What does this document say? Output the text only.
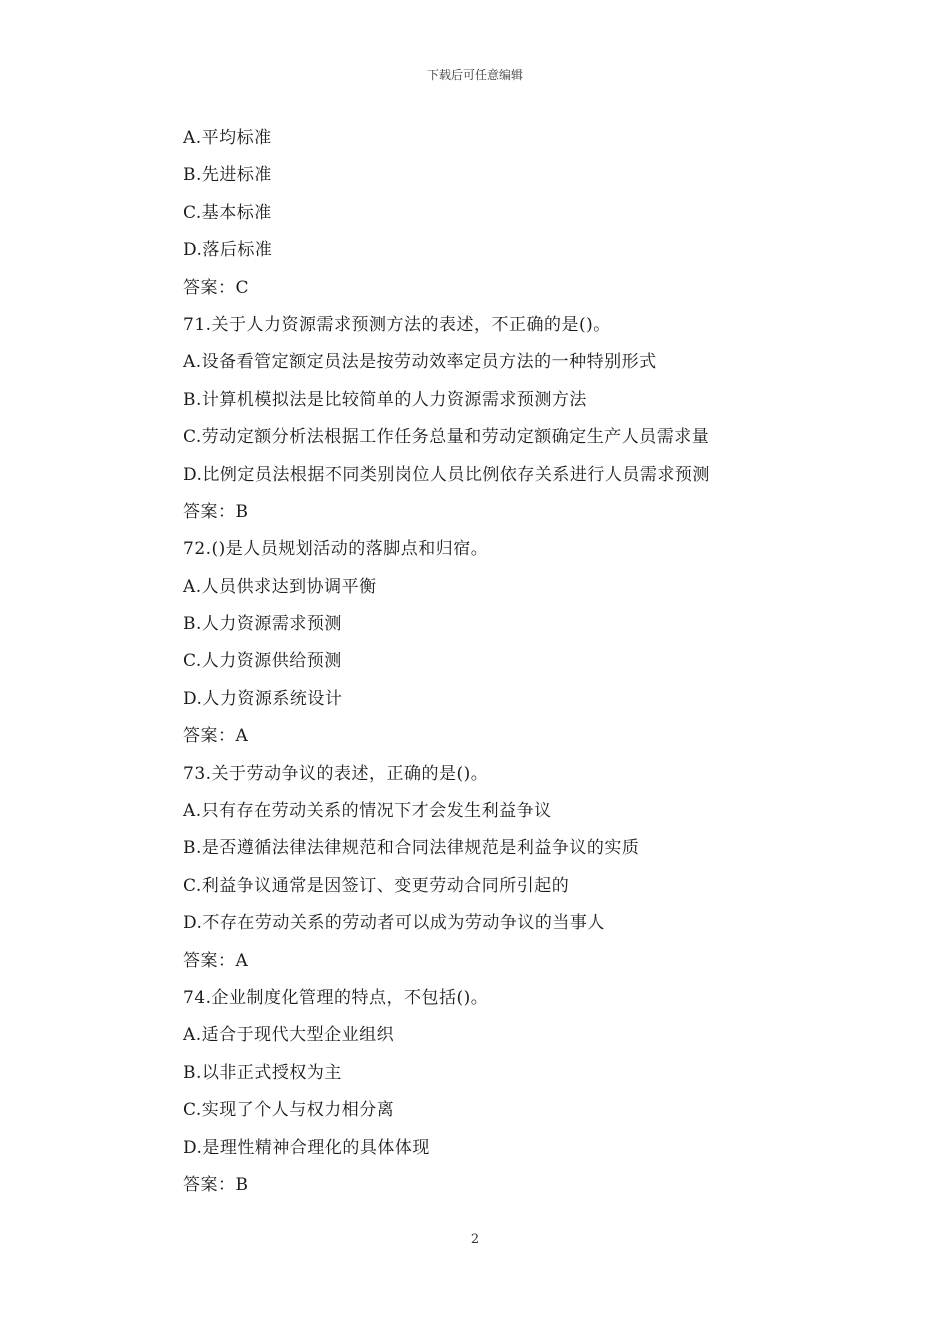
下载后可任意编辑
A.平均标准
B.先进标准
C.基本标准
D.落后标准
答案：C
71.关于人力资源需求预测方法的表述，不正确的是()。
A.设备看管定额定员法是按劳动效率定员方法的一种特别形式
B.计算机模拟法是比较简单的人力资源需求预测方法
C.劳动定额分析法根据工作任务总量和劳动定额确定生产人员需求量
D.比例定员法根据不同类别岗位人员比例依存关系进行人员需求预测
答案：B
72.()是人员规划活动的落脚点和归宿。
A.人员供求达到协调平衡
B.人力资源需求预测
C.人力资源供给预测
D.人力资源系统设计
答案：A
73.关于劳动争议的表述，正确的是()。
A.只有存在劳动关系的情况下才会发生利益争议
B.是否遵循法律法律规范和合同法律规范是利益争议的实质
C.利益争议通常是因签订、变更劳动合同所引起的
D.不存在劳动关系的劳动者可以成为劳动争议的当事人
答案：A
74.企业制度化管理的特点，不包括()。
A.适合于现代大型企业组织
B.以非正式授权为主
C.实现了个人与权力相分离
D.是理性精神合理化的具体体现
答案：B
2
